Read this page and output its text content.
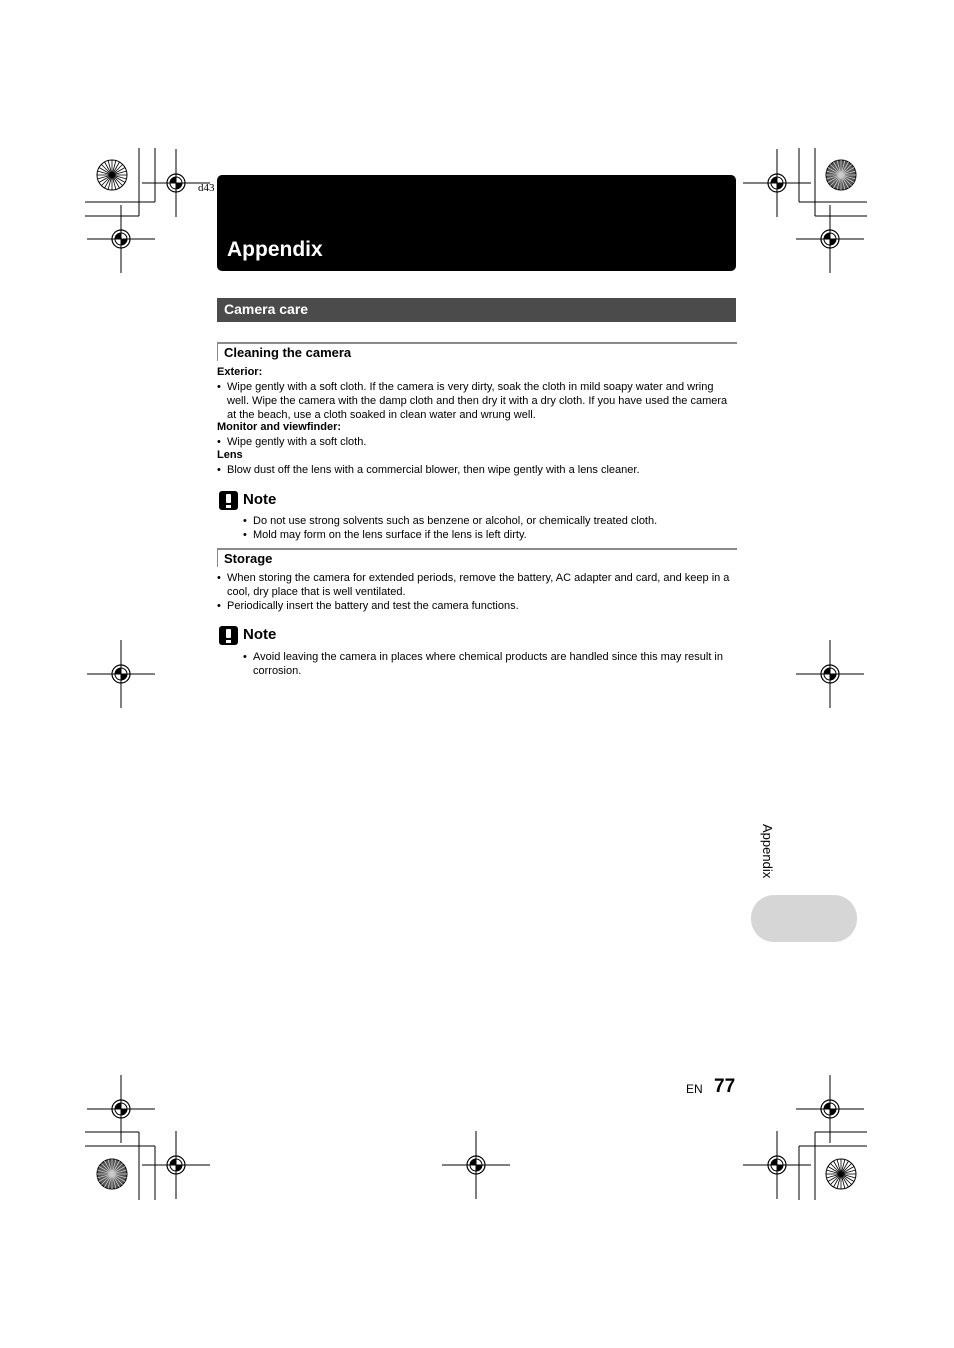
d43
Appendix
Camera care
Cleaning the camera
Exterior:
• Wipe gently with a soft cloth. If the camera is very dirty, soak the cloth in mild soapy water and wring well. Wipe the camera with the damp cloth and then dry it with a dry cloth. If you have used the camera at the beach, use a cloth soaked in clean water and wrung well.
Monitor and viewfinder:
• Wipe gently with a soft cloth.
Lens
• Blow dust off the lens with a commercial blower, then wipe gently with a lens cleaner.
Note
• Do not use strong solvents such as benzene or alcohol, or chemically treated cloth.
• Mold may form on the lens surface if the lens is left dirty.
Storage
• When storing the camera for extended periods, remove the battery, AC adapter and card, and keep in a cool, dry place that is well ventilated.
• Periodically insert the battery and test the camera functions.
Note
• Avoid leaving the camera in places where chemical products are handled since this may result in corrosion.
Appendix
EN 77
